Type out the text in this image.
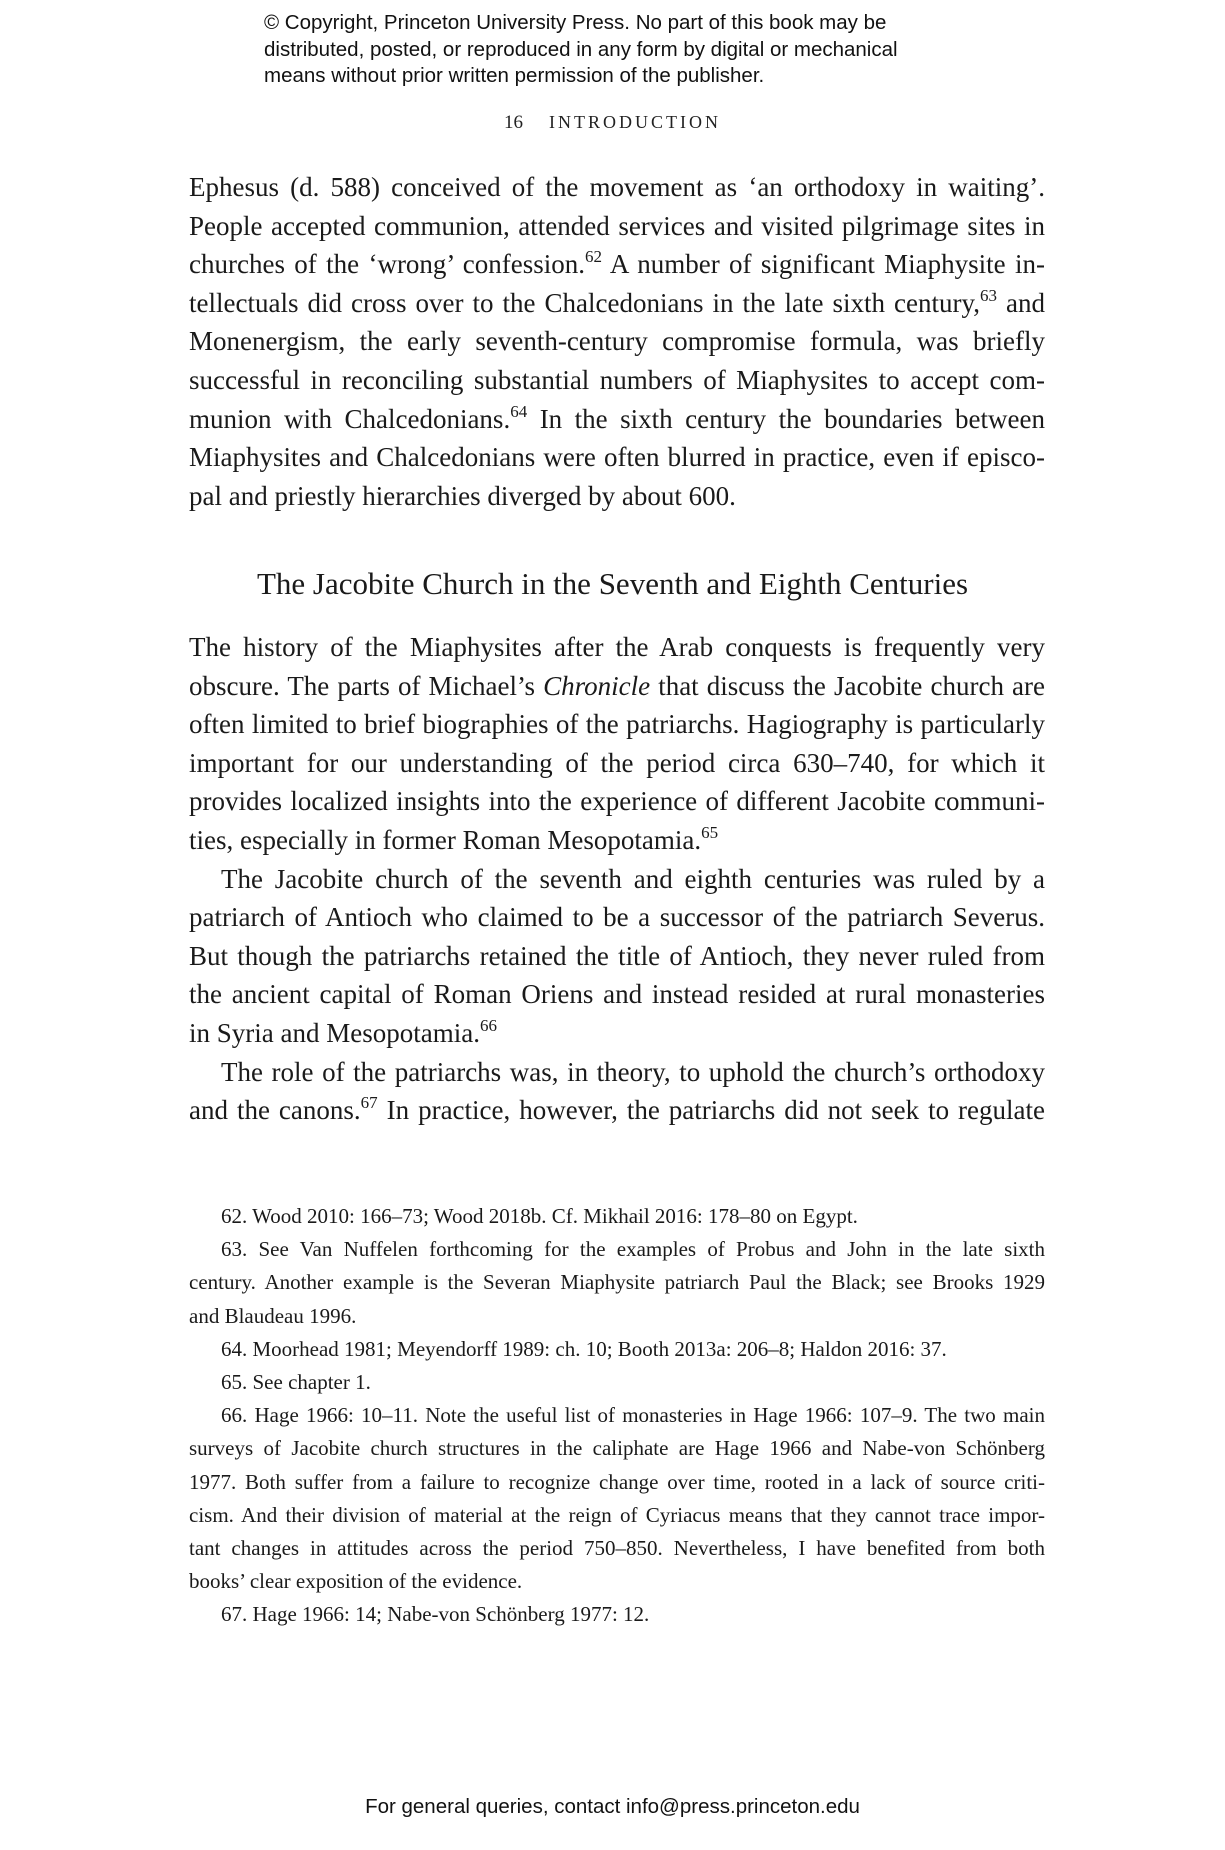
© Copyright, Princeton University Press. No part of this book may be
distributed, posted, or reproduced in any form by digital or mechanical
means without prior written permission of the publisher.
16 INTRODUCTION
Ephesus (d. 588) conceived of the movement as ‘an orthodoxy in waiting’.
People accepted communion, attended services and visited pilgrimage sites in
churches of the ‘wrong’ confession.$^{62}$ A number of significant Miaphysite in-
tellectuals did cross over to the Chalcedonians in the late sixth century,$^{63}$ and
Monenergism, the early seventh-century compromise formula, was briefly
successful in reconciling substantial numbers of Miaphysites to accept com-
munion with Chalcedonians.$^{64}$ In the sixth century the boundaries between
Miaphysites and Chalcedonians were often blurred in practice, even if episco-
pal and priestly hierarchies diverged by about 600.
The Jacobite Church in the Seventh and Eighth Centuries
The history of the Miaphysites after the Arab conquests is frequently very
obscure. The parts of Michael’s Chronicle that discuss the Jacobite church are
often limited to brief biographies of the patriarchs. Hagiography is particularly
important for our understanding of the period circa 630–740, for which it
provides localized insights into the experience of different Jacobite communi-
ties, especially in former Roman Mesopotamia.$^{65}$
The Jacobite church of the seventh and eighth centuries was ruled by a
patriarch of Antioch who claimed to be a successor of the patriarch Severus.
But though the patriarchs retained the title of Antioch, they never ruled from
the ancient capital of Roman Oriens and instead resided at rural monasteries
in Syria and Mesopotamia.$^{66}$
The role of the patriarchs was, in theory, to uphold the church’s orthodoxy
and the canons.$^{67}$ In practice, however, the patriarchs did not seek to regulate
62. Wood 2010: 166–73; Wood 2018b. Cf. Mikhail 2016: 178–80 on Egypt.
63. See Van Nuffelen forthcoming for the examples of Probus and John in the late sixth
century. Another example is the Severan Miaphysite patriarch Paul the Black; see Brooks 1929
and Blaudeau 1996.
64. Moorhead 1981; Meyendorff 1989: ch. 10; Booth 2013a: 206–8; Haldon 2016: 37.
65. See chapter 1.
66. Hage 1966: 10–11. Note the useful list of monasteries in Hage 1966: 107–9. The two main
surveys of Jacobite church structures in the caliphate are Hage 1966 and Nabe-von Schönberg
1977. Both suffer from a failure to recognize change over time, rooted in a lack of source criti-
cism. And their division of material at the reign of Cyriacus means that they cannot trace impor-
tant changes in attitudes across the period 750–850. Nevertheless, I have benefited from both
books’ clear exposition of the evidence.
67. Hage 1966: 14; Nabe-von Schönberg 1977: 12.
For general queries, contact info@press.princeton.edu
